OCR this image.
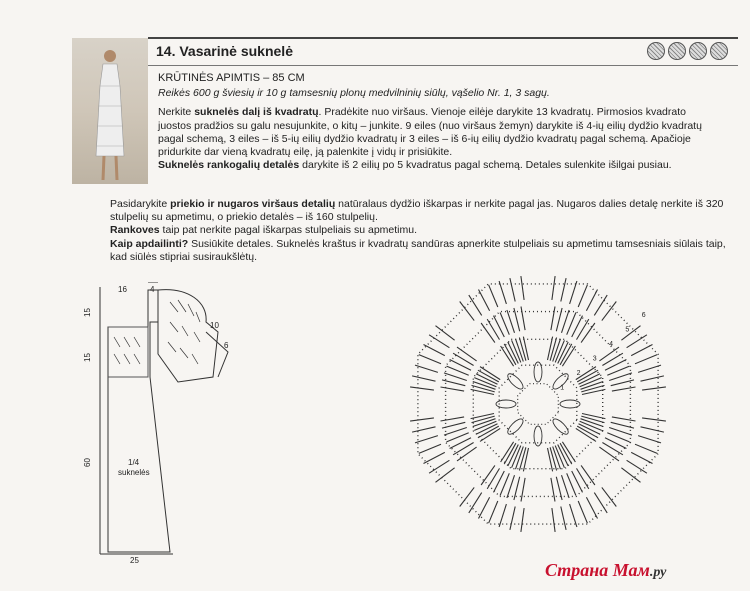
14. Vasarinė suknelė
KRŪTINĖS APIMTIS – 85 CM
Reikės 600 g šviesių ir 10 g tamsesnių plonų medvilninių siūlų, vąšelio Nr. 1, 3 sagų.

Nerkite suknelės dalį iš kvadratų. Pradėkite nuo viršaus. Vienoje eilėje darykite 13 kvadratų. Pirmosios kvadrato juostos pradžios su galu nesujunkite, o kitų – junkite. 9 eiles (nuo viršaus žemyn) darykite iš 4-ių eilių dydžio kvadratų pagal schemą, 3 eiles – iš 5-ių eilių dydžio kvadratų ir 3 eiles – iš 6-ių eilių dydžio kvadratų pagal schemą. Apačioje pridurkite dar vieną kvadratų eilę, ją palenkite į vidų ir prisiūkite.

Suknelės rankogalių detalės darykite iš 2 eilių po 5 kvadratus pagal schemą. Detales sulenkite išilgai pusiau.

Pasidarykite priekio ir nugaros viršaus detalių natūralaus dydžio iškarpas ir nerkite pagal jas. Nugaros dalies detalę nerkite iš 320 stulpelių su apmetimu, o priekio detalės – iš 160 stulpelių.

Rankoves taip pat nerkite pagal iškarpas stulpeliais su apmetimu.

Kaip apdailinti? Susiūkite detales. Suknelės kraštus ir kvadratų sandūras apnerkite stulpeliais su apmetimu tamsesniais siūlais taip, kad siūlės stipriai susiraukšlėtų.

16	4
15
15
60
10
6
1/4
suknelės
25
1
2
3
4
5
6
Страна Мам.ру
